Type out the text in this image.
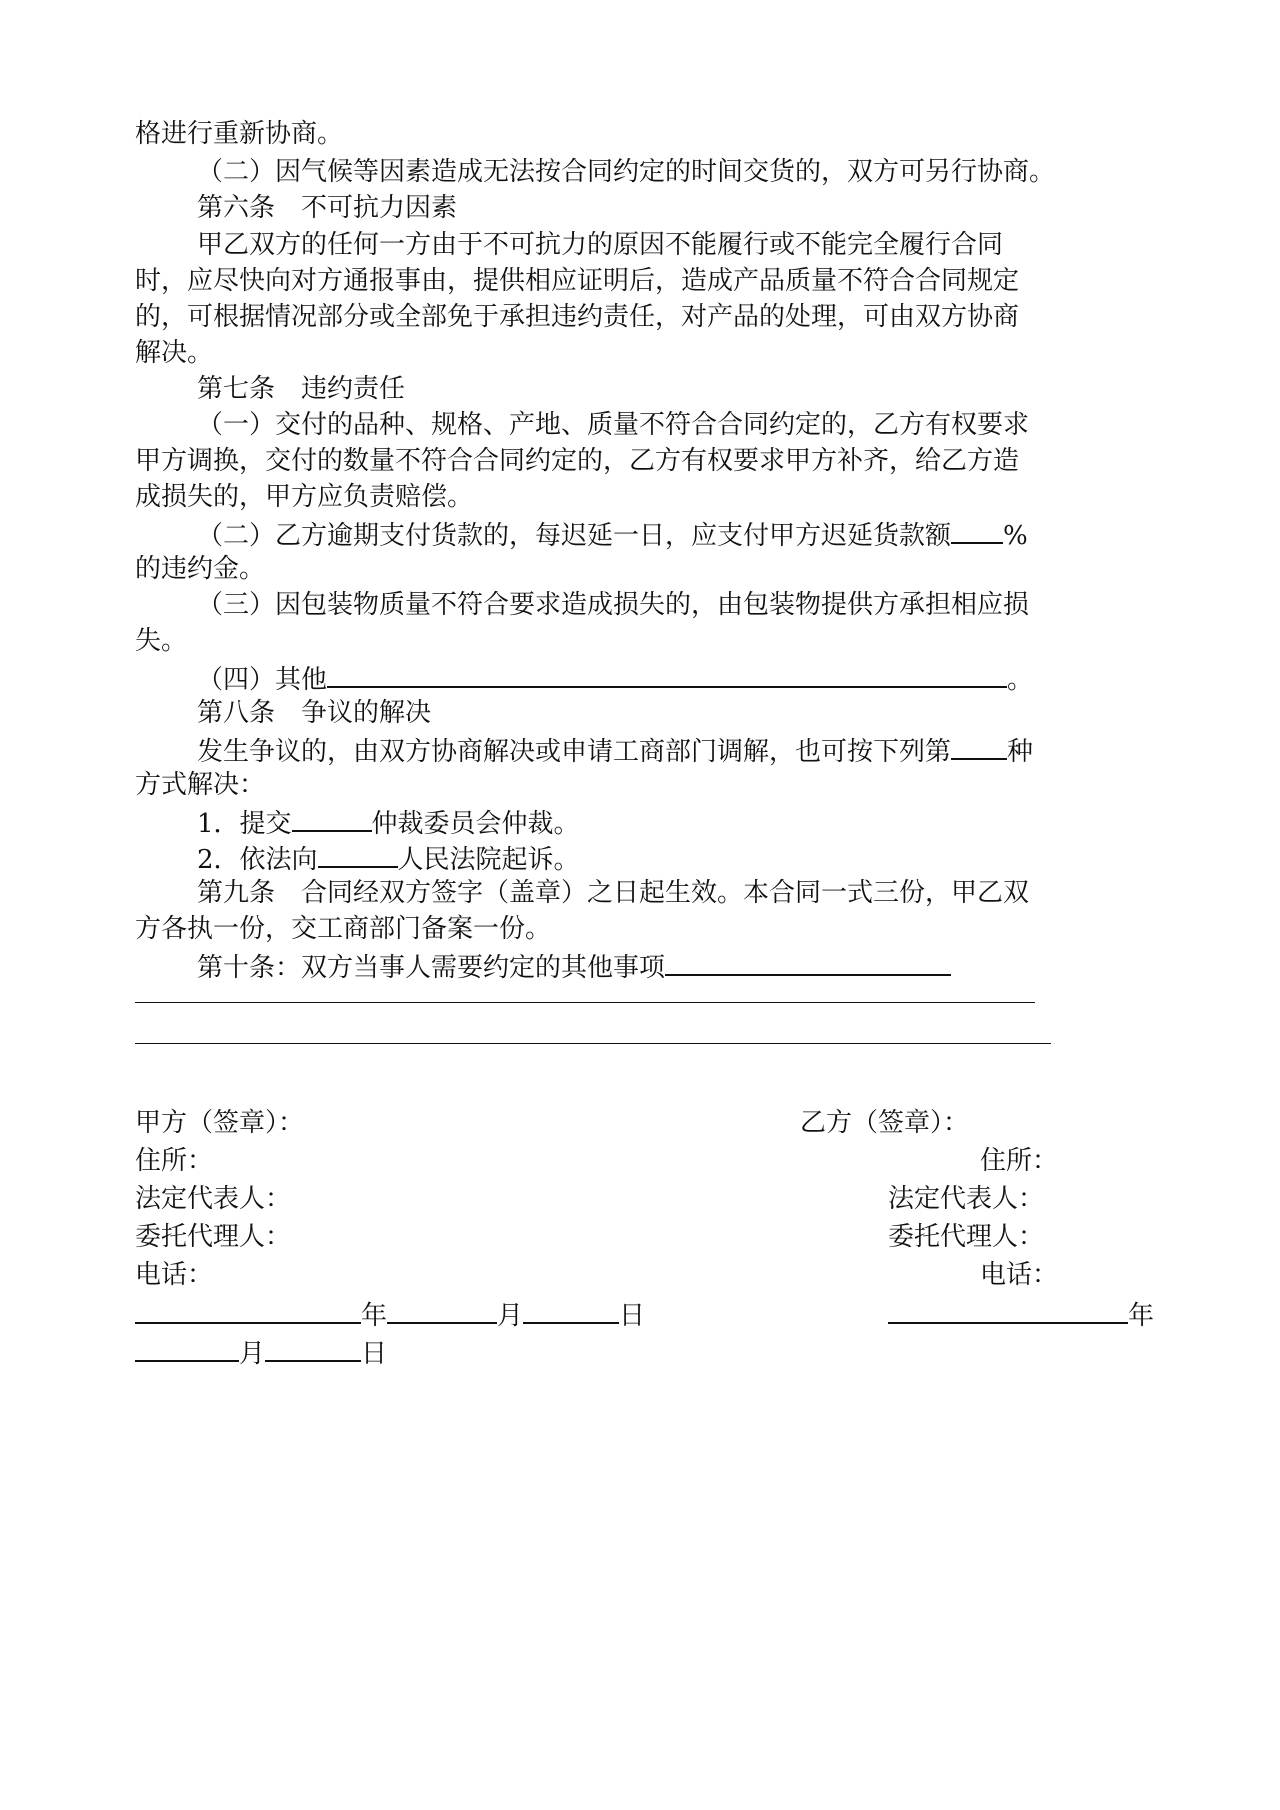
格进行重新协商。
（二）因气候等因素造成无法按合同约定的时间交货的，双方可另行协商。
第六条　不可抗力因素
甲乙双方的任何一方由于不可抗力的原因不能履行或不能完全履行合同
时，应尽快向对方通报事由，提供相应证明后，造成产品质量不符合合同规定
的，可根据情况部分或全部免于承担违约责任，对产品的处理，可由双方协商
解决。
第七条　违约责任
（一）交付的品种、规格、产地、质量不符合合同约定的，乙方有权要求
甲方调换，交付的数量不符合合同约定的，乙方有权要求甲方补齐，给乙方造
成损失的，甲方应负责赔偿。
（二）乙方逾期支付货款的，每迟延一日，应支付甲方迟延货款额 %
的违约金。
（三）因包装物质量不符合要求造成损失的，由包装物提供方承担相应损
失。
（四）其他	。
第八条　争议的解决
发生争议的，由双方协商解决或申请工商部门调解，也可按下列第 种
方式解决：
1．提交	仲裁委员会仲裁。
2．依法向	人民法院起诉。
第九条　合同经双方签字（盖章）之日起生效。本合同一式三份，甲乙双
方各执一份，交工商部门备案一份。
第十条：双方当事人需要约定的其他事项
甲方（签章）：	乙方（签章）：
住所：	住所：
法定代表人：	法定代表人：
委托代理人：	委托代理人：
电话：	电话：
年	月	日	年
月	日
